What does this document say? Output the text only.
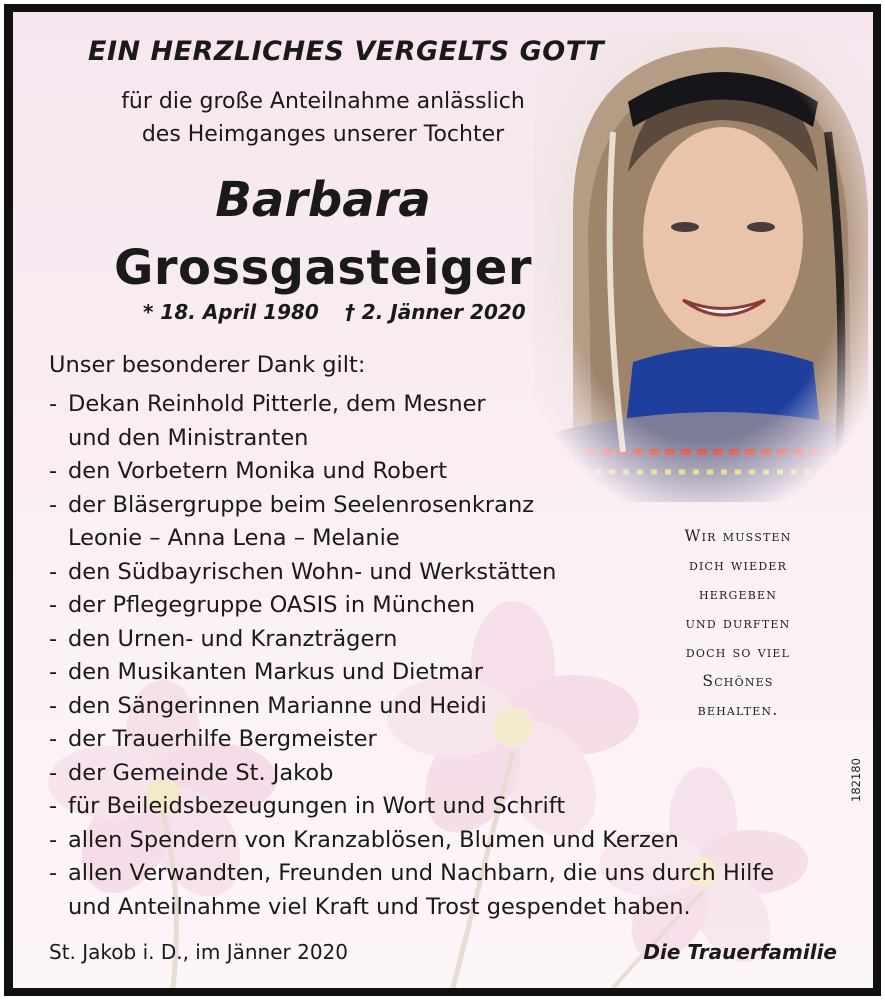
EIN HERZLICHES VERGELTS GOTT
für die große Anteilnahme anlässlich
des Heimganges unserer Tochter
Barbara
Grossgasteiger
* 18. April 1980 † 2. Jänner 2020
Unser besonderer Dank gilt:
- Dekan Reinhold Pitterle, dem Mesner
und den Ministranten
- den Vorbetern Monika und Robert
- der Bläsergruppe beim Seelenrosenkranz
Leonie – Anna Lena – Melanie
- den Südbayrischen Wohn- und Werkstätten
- der Pflegegruppe OASIS in München
- den Urnen- und Kranzträgern
- den Musikanten Markus und Dietmar
- den Sängerinnen Marianne und Heidi
- der Trauerhilfe Bergmeister
- der Gemeinde St. Jakob
- für Beileidsbezeugungen in Wort und Schrift
- allen Spendern von Kranzablösen, Blumen und Kerzen
- allen Verwandten, Freunden und Nachbarn, die uns durch Hilfe
und Anteilnahme viel Kraft und Trost gespendet haben.
Wir mussten
dich wieder
hergeben
und durften
doch so viel
Schönes
behalten.
182180
St. Jakob i. D., im Jänner 2020	Die Trauerfamilie
